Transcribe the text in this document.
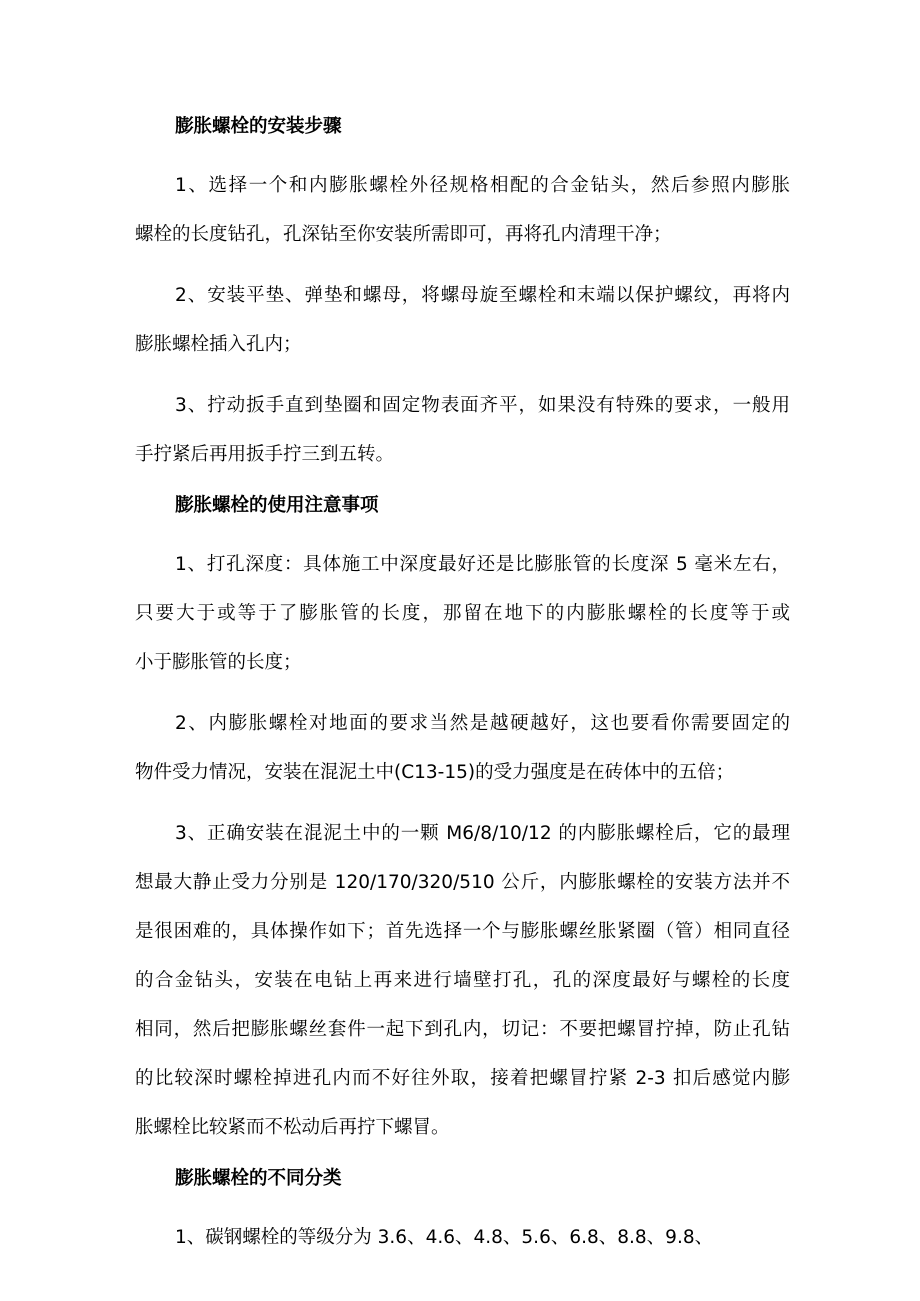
膨胀螺栓的安装步骤
1、选择一个和内膨胀螺栓外径规格相配的合金钻头，然后参照内膨胀
螺栓的长度钻孔，孔深钻至你安装所需即可，再将孔内清理干净；
2、安装平垫、弹垫和螺母，将螺母旋至螺栓和末端以保护螺纹，再将内
膨胀螺栓插入孔内；
3、拧动扳手直到垫圈和固定物表面齐平，如果没有特殊的要求，一般用
手拧紧后再用扳手拧三到五转。
膨胀螺栓的使用注意事项
1、打孔深度：具体施工中深度最好还是比膨胀管的长度深 5 毫米左右，
只要大于或等于了膨胀管的长度，那留在地下的内膨胀螺栓的长度等于或
小于膨胀管的长度；
2、内膨胀螺栓对地面的要求当然是越硬越好，这也要看你需要固定的
物件受力情况，安装在混泥土中(C13-15)的受力强度是在砖体中的五倍；
3、正确安装在混泥土中的一颗 M6/8/10/12 的内膨胀螺栓后，它的最理
想最大静止受力分别是 120/170/320/510 公斤，内膨胀螺栓的安装方法并不
是很困难的，具体操作如下；首先选择一个与膨胀螺丝胀紧圈（管）相同直径
的合金钻头，安装在电钻上再来进行墙壁打孔，孔的深度最好与螺栓的长度
相同，然后把膨胀螺丝套件一起下到孔内，切记：不要把螺冒拧掉，防止孔钻
的比较深时螺栓掉进孔内而不好往外取，接着把螺冒拧紧 2-3 扣后感觉内膨
胀螺栓比较紧而不松动后再拧下螺冒。
膨胀螺栓的不同分类
1、碳钢螺栓的等级分为 3.6、4.6、4.8、5.6、6.8、8.8、9.8、
